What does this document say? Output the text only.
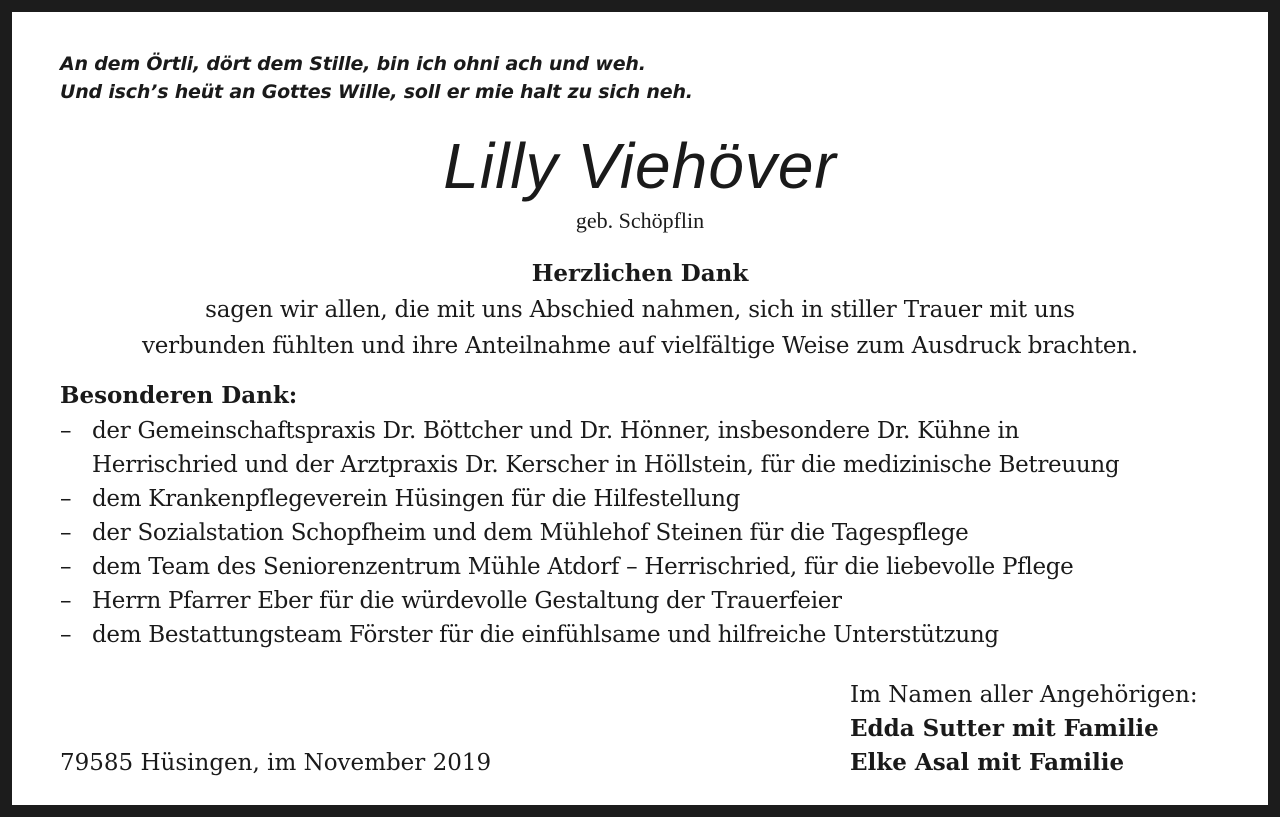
An dem Örtli, dört dem Stille, bin ich ohni ach und weh.
Und isch’s heüt an Gottes Wille, soll er mie halt zu sich neh.
Lilly Viehöver
geb. Schöpflin
Herzlichen Dank
sagen wir allen, die mit uns Abschied nahmen, sich in stiller Trauer mit uns
verbunden fühlten und ihre Anteilnahme auf vielfältige Weise zum Ausdruck brachten.
Besonderen Dank:
– der Gemeinschaftspraxis Dr. Böttcher und Dr. Hönner, insbesondere Dr. Kühne in
Herrischried und der Arztpraxis Dr. Kerscher in Höllstein, für die medizinische Betreuung
– dem Krankenpflegeverein Hüsingen für die Hilfestellung
– der Sozialstation Schopfheim und dem Mühlehof Steinen für die Tagespflege
– dem Team des Seniorenzentrum Mühle Atdorf – Herrischried, für die liebevolle Pflege
– Herrn Pfarrer Eber für die würdevolle Gestaltung der Trauerfeier
– dem Bestattungsteam Förster für die einfühlsame und hilfreiche Unterstützung
Im Namen aller Angehörigen:
Edda Sutter mit Familie
Elke Asal mit Familie
79585 Hüsingen, im November 2019
